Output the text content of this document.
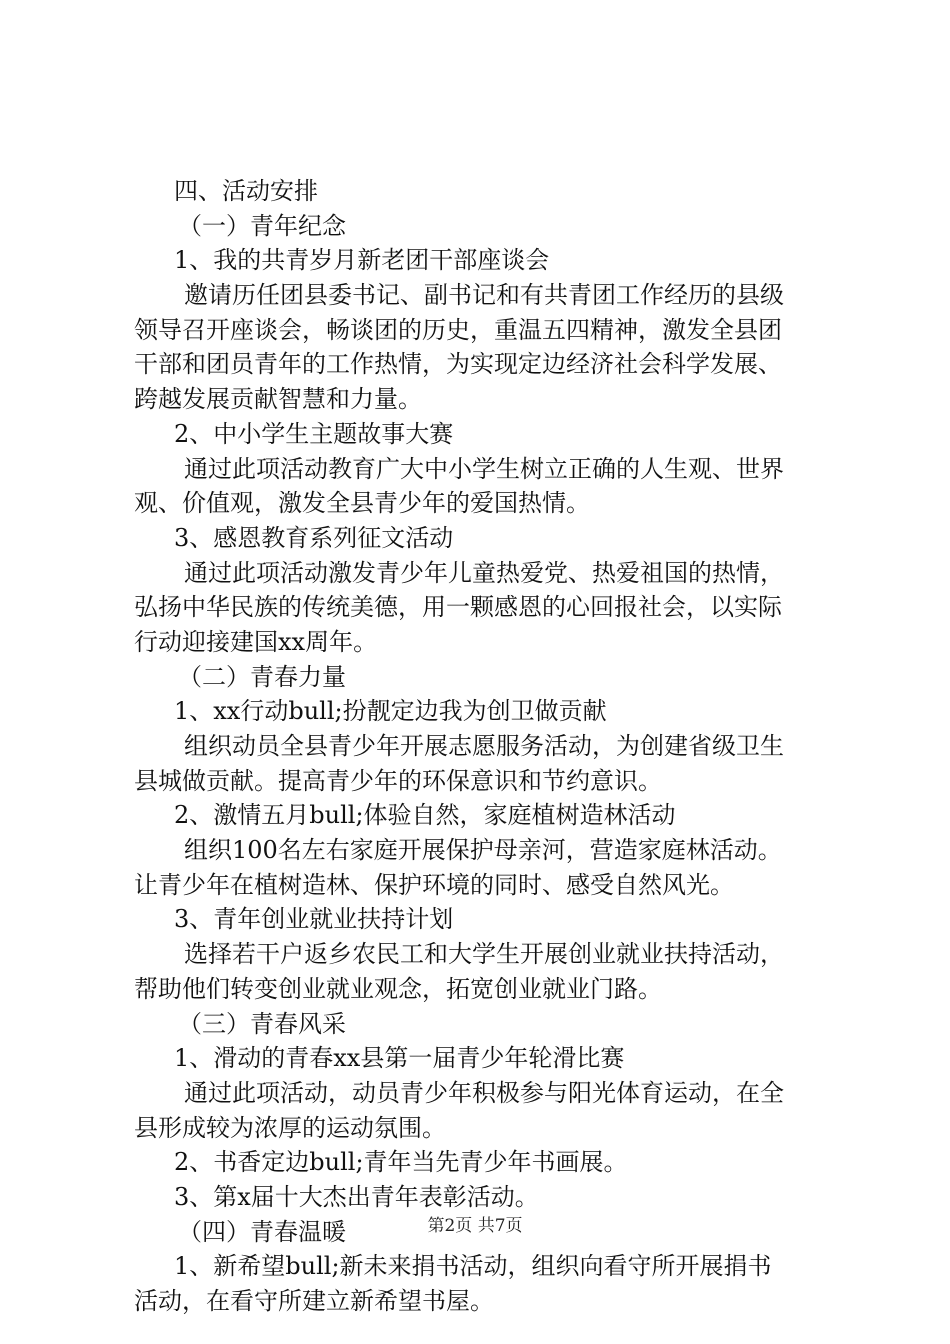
四、活动安排
（一）青年纪念
1、我的共青岁月新老团干部座谈会
邀请历任团县委书记、副书记和有共青团工作经历的县级
领导召开座谈会，畅谈团的历史，重温五四精神，激发全县团
干部和团员青年的工作热情，为实现定边经济社会科学发展、
跨越发展贡献智慧和力量。
2、中小学生主题故事大赛
通过此项活动教育广大中小学生树立正确的人生观、世界
观、价值观，激发全县青少年的爱国热情。
3、感恩教育系列征文活动
通过此项活动激发青少年儿童热爱党、热爱祖国的热情，
弘扬中华民族的传统美德，用一颗感恩的心回报社会，以实际
行动迎接建国xx周年。
（二）青春力量
1、xx行动bull;扮靓定边我为创卫做贡献
组织动员全县青少年开展志愿服务活动，为创建省级卫生
县城做贡献。提高青少年的环保意识和节约意识。
2、激情五月bull;体验自然，家庭植树造林活动
组织100名左右家庭开展保护母亲河，营造家庭林活动。
让青少年在植树造林、保护环境的同时、感受自然风光。
3、青年创业就业扶持计划
选择若干户返乡农民工和大学生开展创业就业扶持活动，
帮助他们转变创业就业观念，拓宽创业就业门路。
（三）青春风采
1、滑动的青春xx县第一届青少年轮滑比赛
通过此项活动，动员青少年积极参与阳光体育运动，在全
县形成较为浓厚的运动氛围。
2、书香定边bull;青年当先青少年书画展。
3、第x届十大杰出青年表彰活动。
（四）青春温暖
1、新希望bull;新未来捐书活动，组织向看守所开展捐书
活动，在看守所建立新希望书屋。
第2页 共7页
